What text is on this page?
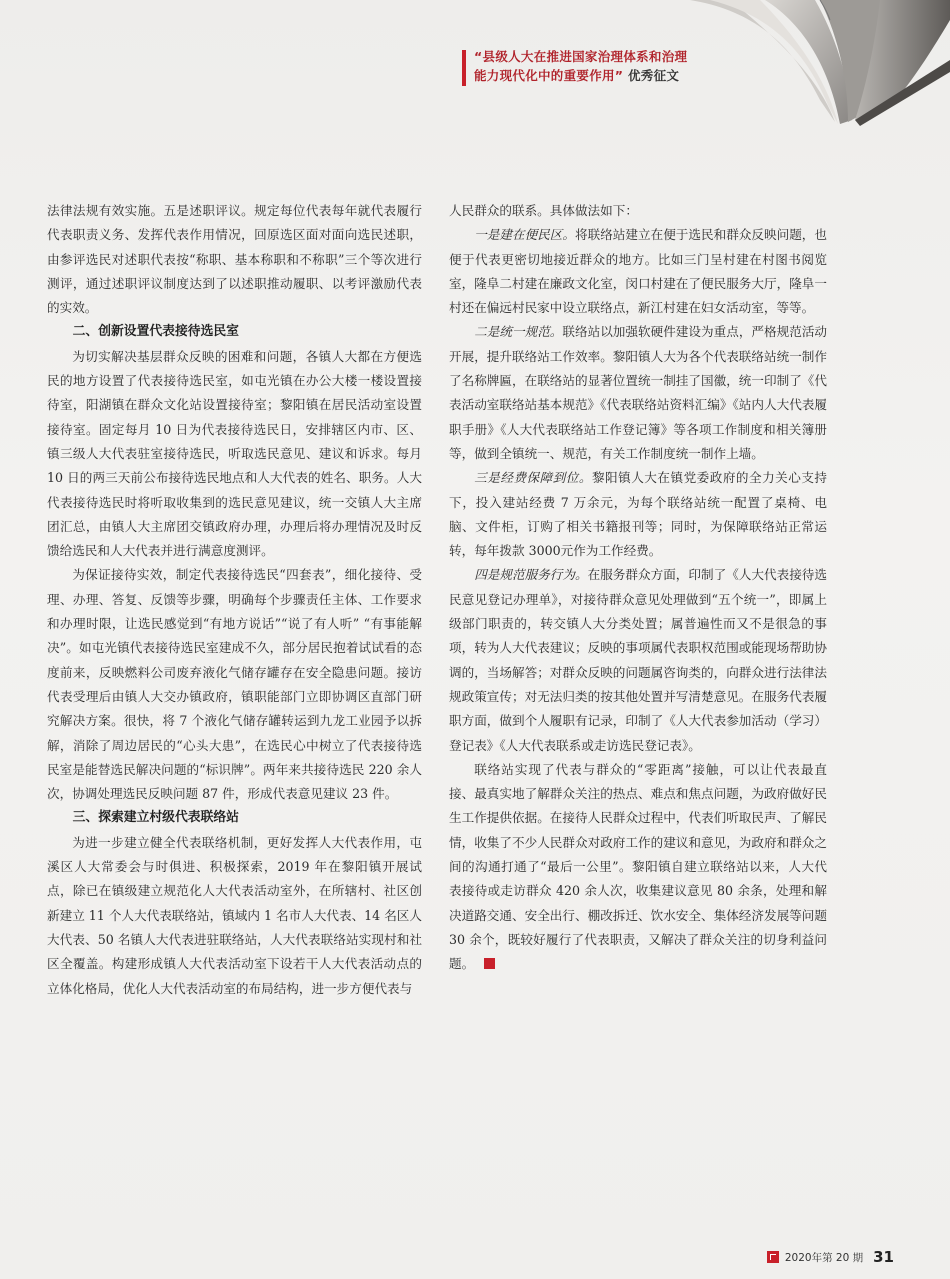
“县级人大在推进国家治理体系和治理
能力现代化中的重要作用” 优秀征文

法律法规有效实施。五是述职评议。规定每位代表每年就代表履行代表职责义务、发挥代表作用情况，回原选区面对面向选民述职，由参评选民对述职代表按“称职、基本称职和不称职”三个等次进行测评，通过述职评议制度达到了以述职推动履职、以考评激励代表的实效。

二、创新设置代表接待选民室

为切实解决基层群众反映的困难和问题，各镇人大都在方便选民的地方设置了代表接待选民室，如屯光镇在办公大楼一楼设置接待室，阳湖镇在群众文化站设置接待室；黎阳镇在居民活动室设置接待室。固定每月 10 日为代表接待选民日，安排辖区内市、区、镇三级人大代表驻室接待选民，听取选民意见、建议和诉求。每月 10 日的两三天前公布接待选民地点和人大代表的姓名、职务。人大代表接待选民时将听取收集到的选民意见建议，统一交镇人大主席团汇总，由镇人大主席团交镇政府办理，办理后将办理情况及时反馈给选民和人大代表并进行满意度测评。

为保证接待实效，制定代表接待选民“四套表”，细化接待、受理、办理、答复、反馈等步骤，明确每个步骤责任主体、工作要求和办理时限，让选民感觉到“有地方说话”“说了有人听” “有事能解决”。如屯光镇代表接待选民室建成不久，部分居民抱着试试看的态度前来，反映燃料公司废弃液化气储存罐存在安全隐患问题。接访代表受理后由镇人大交办镇政府，镇职能部门立即协调区直部门研究解决方案。很快，将 7 个液化气储存罐转运到九龙工业园予以拆解，消除了周边居民的“心头大患”，在选民心中树立了代表接待选民室是能替选民解决问题的“标识牌”。两年来共接待选民 220 余人次，协调处理选民反映问题 87 件，形成代表意见建议 23 件。

三、探索建立村级代表联络站

为进一步建立健全代表联络机制，更好发挥人大代表作用，屯溪区人大常委会与时俱进、积极探索，2019 年在黎阳镇开展试点，除已在镇级建立规范化人大代表活动室外，在所辖村、社区创新建立 11 个人大代表联络站，镇域内 1 名市人大代表、14 名区人大代表、50 名镇人大代表进驻联络站，人大代表联络站实现村和社区全覆盖。构建形成镇人大代表活动室下设若干人大代表活动点的立体化格局，优化人大代表活动室的布局结构，进一步方便代表与

人民群众的联系。具体做法如下：

一是建在便民区。将联络站建立在便于选民和群众反映问题，也便于代表更密切地接近群众的地方。比如三门呈村建在村图书阅览室，隆阜二村建在廉政文化室，闵口村建在了便民服务大厅，隆阜一村还在偏远村民家中设立联络点，新江村建在妇女活动室，等等。

二是统一规范。联络站以加强软硬件建设为重点，严格规范活动开展，提升联络站工作效率。黎阳镇人大为各个代表联络站统一制作了名称牌匾，在联络站的显著位置统一制挂了国徽，统一印制了《代表活动室联络站基本规范》《代表联络站资料汇编》《站内人大代表履职手册》《人大代表联络站工作登记簿》等各项工作制度和相关簿册等，做到全镇统一、规范，有关工作制度统一制作上墙。

三是经费保障到位。黎阳镇人大在镇党委政府的全力关心支持下，投入建站经费 7 万余元，为每个联络站统一配置了桌椅、电脑、文件柜，订购了相关书籍报刊等；同时，为保障联络站正常运转，每年拨款 3000元作为工作经费。

四是规范服务行为。在服务群众方面，印制了《人大代表接待选民意见登记办理单》，对接待群众意见处理做到“五个统一”，即属上级部门职责的，转交镇人大分类处置；属普遍性而又不是很急的事项，转为人大代表建议；反映的事项属代表职权范围或能现场帮助协调的，当场解答；对群众反映的问题属咨询类的，向群众进行法律法规政策宣传；对无法归类的按其他处置并写清楚意见。在服务代表履职方面，做到个人履职有记录，印制了《人大代表参加活动（学习）登记表》《人大代表联系或走访选民登记表》。

联络站实现了代表与群众的“零距离”接触，可以让代表最直接、最真实地了解群众关注的热点、难点和焦点问题，为政府做好民生工作提供依据。在接待人民群众过程中，代表们听取民声、了解民情，收集了不少人民群众对政府工作的建议和意见，为政府和群众之间的沟通打通了“最后一公里”。黎阳镇自建立联络站以来，人大代表接待或走访群众 420 余人次，收集建议意见 80 余条，处理和解决道路交通、安全出行、棚改拆迁、饮水安全、集体经济发展等问题 30 余个，既较好履行了代表职责，又解决了群众关注的切身利益问题。

2020年第 20 期 31
